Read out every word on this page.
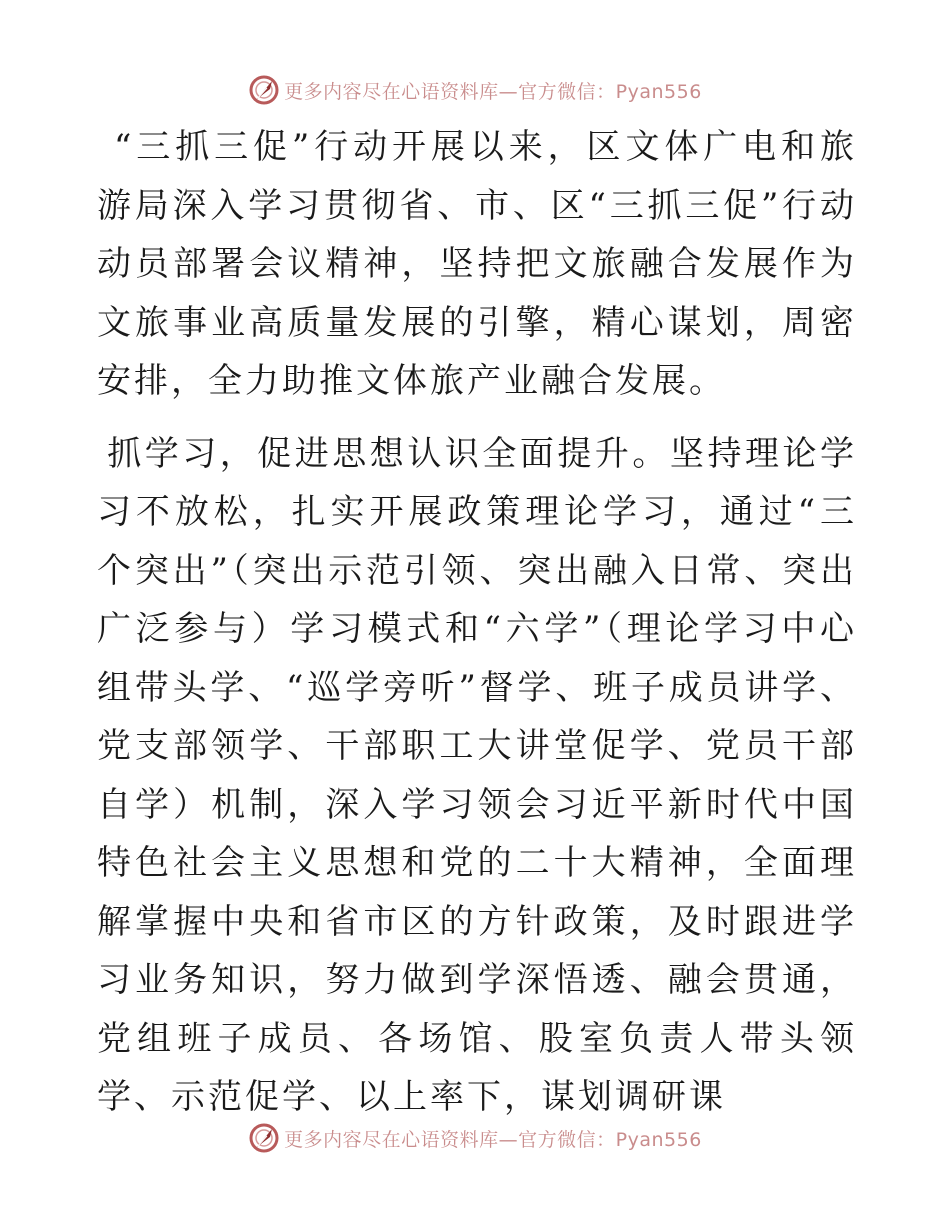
更多内容尽在心语资料库—官方微信：Pyan556

“三抓三促”行动开展以来，区文体广电和旅游局深入学习贯彻省、市、区“三抓三促”行动动员部署会议精神，坚持把文旅融合发展作为文旅事业高质量发展的引擎，精心谋划，周密安排，全力助推文体旅产业融合发展。

抓学习，促进思想认识全面提升。坚持理论学习不放松，扎实开展政策理论学习，通过“三个突出”（突出示范引领、突出融入日常、突出广泛参与）学习模式和“六学”（理论学习中心组带头学、“巡学旁听”督学、班子成员讲学、党支部领学、干部职工大讲堂促学、党员干部自学）机制，深入学习领会习近平新时代中国特色社会主义思想和党的二十大精神，全面理解掌握中央和省市区的方针政策，及时跟进学习业务知识，努力做到学深悟透、融会贯通，党组班子成员、各场馆、股室负责人带头领学、示范促学、以上率下，谋划调研课

更多内容尽在心语资料库—官方微信：Pyan556
